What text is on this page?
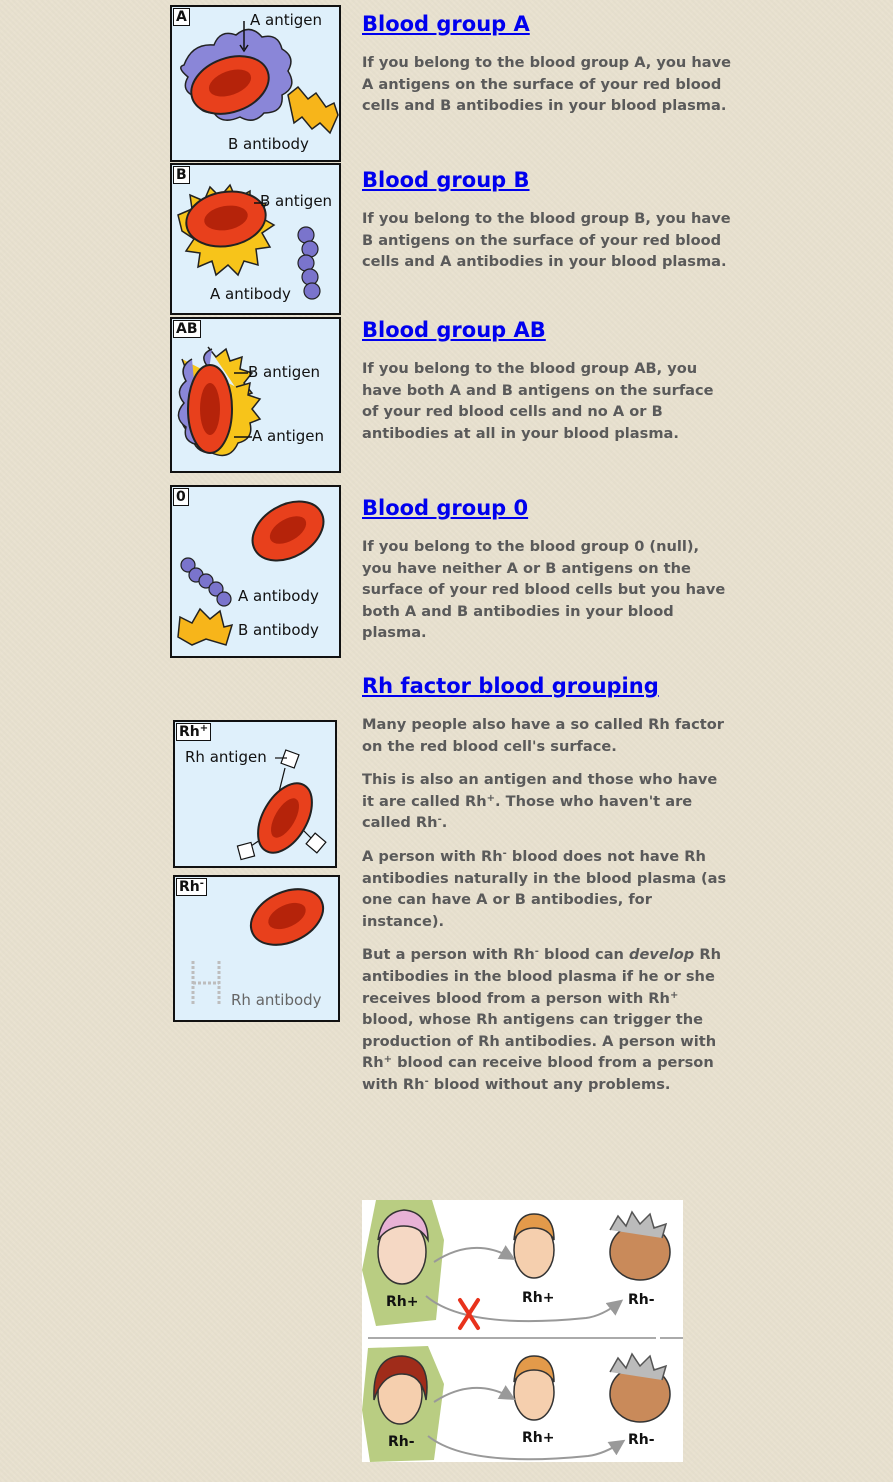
A	A antigen
B antibody
B
B antigen
A antibody
AB
B antigen
A antigen
0
A antibody
B antibody
Rh+
Rh antigen
Rh-
Rh antibody
Blood group A

If you belong to the blood group A, you have A antigens on the surface of your red blood cells and B antibodies in your blood plasma.

Blood group B

If you belong to the blood group B, you have B antigens on the surface of your red blood cells and A antibodies in your blood plasma.

Blood group AB

If you belong to the blood group AB, you have both A and B antigens on the surface of your red blood cells and no A or B antibodies at all in your blood plasma.

Blood group 0

If you belong to the blood group 0 (null), you have neither A or B antigens on the surface of your red blood cells but you have both A and B antibodies in your blood plasma.

Rh factor blood grouping

Many people also have a so called Rh factor on the red blood cell's surface.

This is also an antigen and those who have it are called Rh+. Those who haven't are called Rh-.

A person with Rh- blood does not have Rh antibodies naturally in the blood plasma (as one can have A or B antibodies, for instance).

But a person with Rh- blood can develop Rh antibodies in the blood plasma if he or she receives blood from a person with Rh+ blood, whose Rh antigens can trigger the production of Rh antibodies. A person with Rh+ blood can receive blood from a person with Rh- blood without any problems.

Rh+	Rh+	Rh-
Rh-	Rh+	Rh-
